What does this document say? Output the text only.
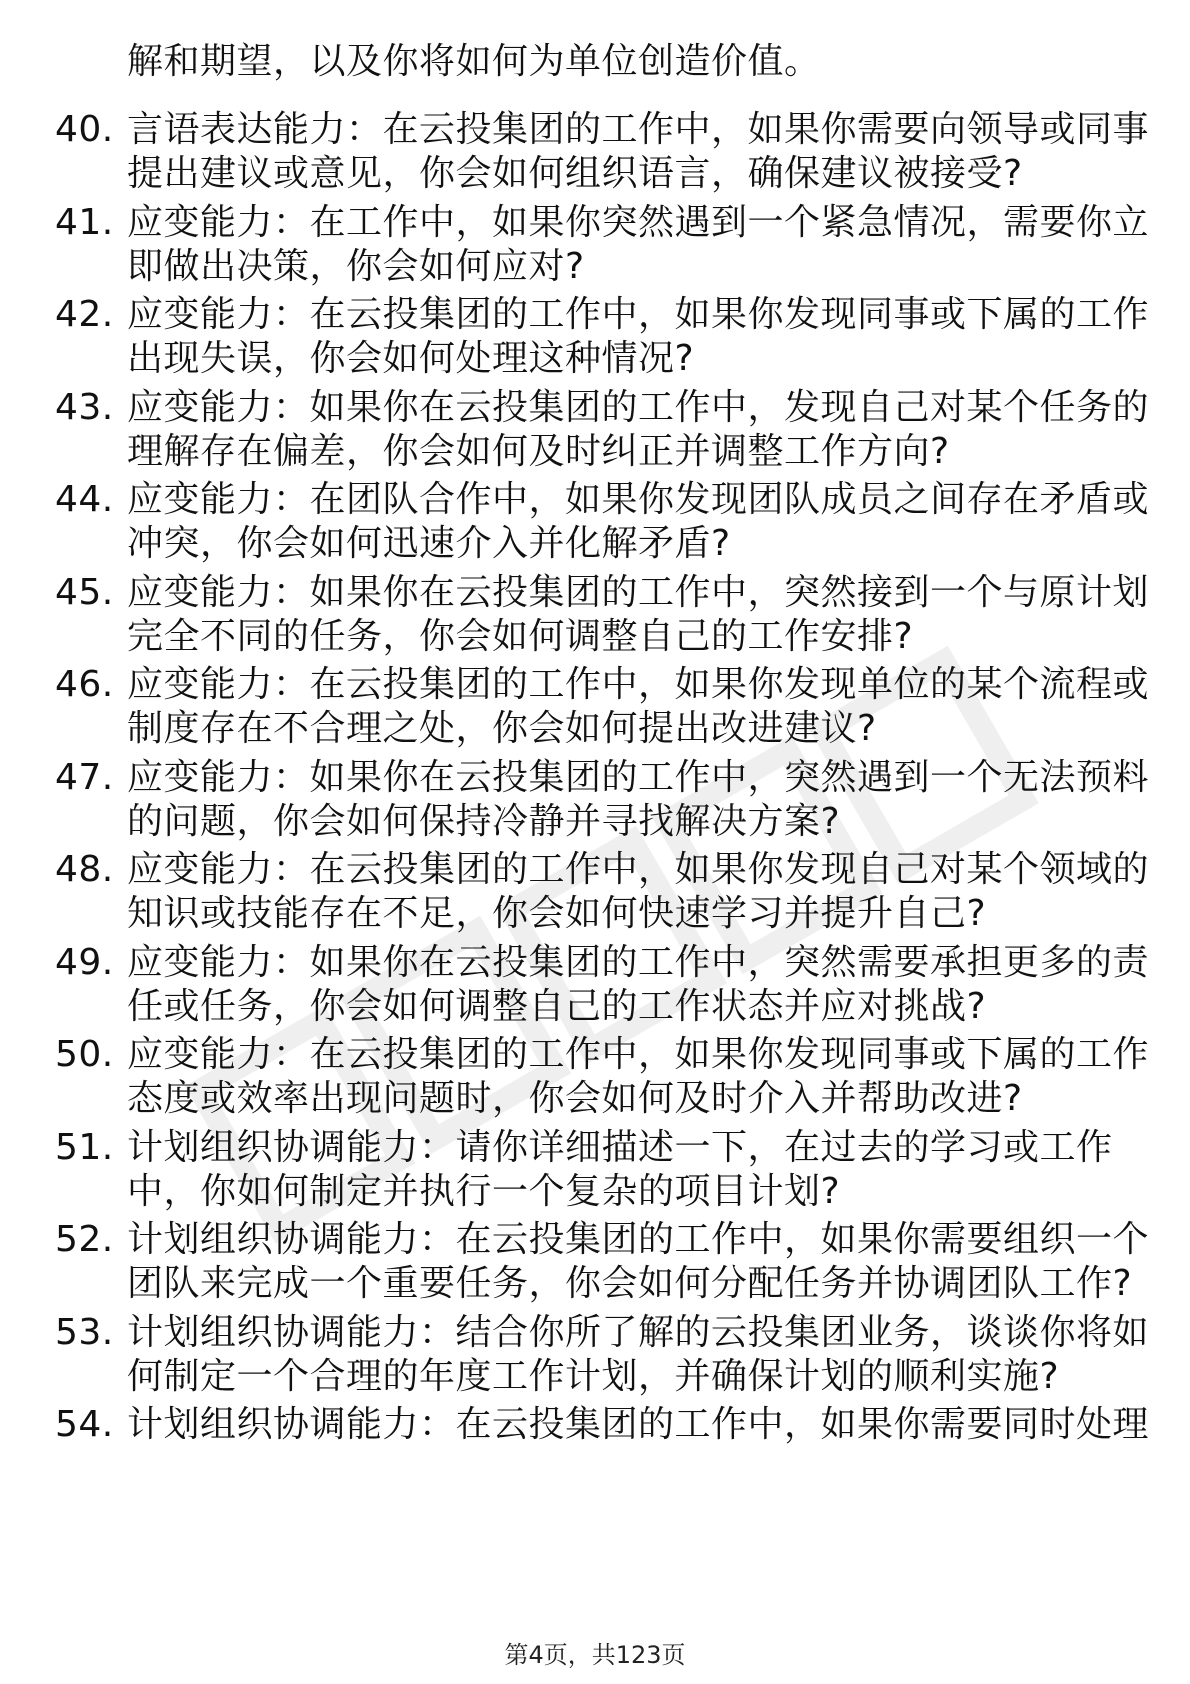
解和期望，以及你将如何为单位创造价值。
40. 言语表达能力：在云投集团的工作中，如果你需要向领导或同事
提出建议或意见，你会如何组织语言，确保建议被接受?
41. 应变能力：在工作中，如果你突然遇到一个紧急情况，需要你立
即做出决策，你会如何应对?
42. 应变能力：在云投集团的工作中，如果你发现同事或下属的工作
出现失误，你会如何处理这种情况?
43. 应变能力：如果你在云投集团的工作中，发现自己对某个任务的
理解存在偏差，你会如何及时纠正并调整工作方向?
44. 应变能力：在团队合作中，如果你发现团队成员之间存在矛盾或
冲突，你会如何迅速介入并化解矛盾?
45. 应变能力：如果你在云投集团的工作中，突然接到一个与原计划
完全不同的任务，你会如何调整自己的工作安排?
46. 应变能力：在云投集团的工作中，如果你发现单位的某个流程或
制度存在不合理之处，你会如何提出改进建议?
47. 应变能力：如果你在云投集团的工作中，突然遇到一个无法预料
的问题，你会如何保持冷静并寻找解决方案?
48. 应变能力：在云投集团的工作中，如果你发现自己对某个领域的
知识或技能存在不足，你会如何快速学习并提升自己?
49. 应变能力：如果你在云投集团的工作中，突然需要承担更多的责
任或任务，你会如何调整自己的工作状态并应对挑战?
50. 应变能力：在云投集团的工作中，如果你发现同事或下属的工作
态度或效率出现问题时，你会如何及时介入并帮助改进?
51. 计划组织协调能力：请你详细描述一下，在过去的学习或工作
中，你如何制定并执行一个复杂的项目计划?
52. 计划组织协调能力：在云投集团的工作中，如果你需要组织一个
团队来完成一个重要任务，你会如何分配任务并协调团队工作?
53. 计划组织协调能力：结合你所了解的云投集团业务，谈谈你将如
何制定一个合理的年度工作计划，并确保计划的顺利实施?
54. 计划组织协调能力：在云投集团的工作中，如果你需要同时处理
第4页，共123页
